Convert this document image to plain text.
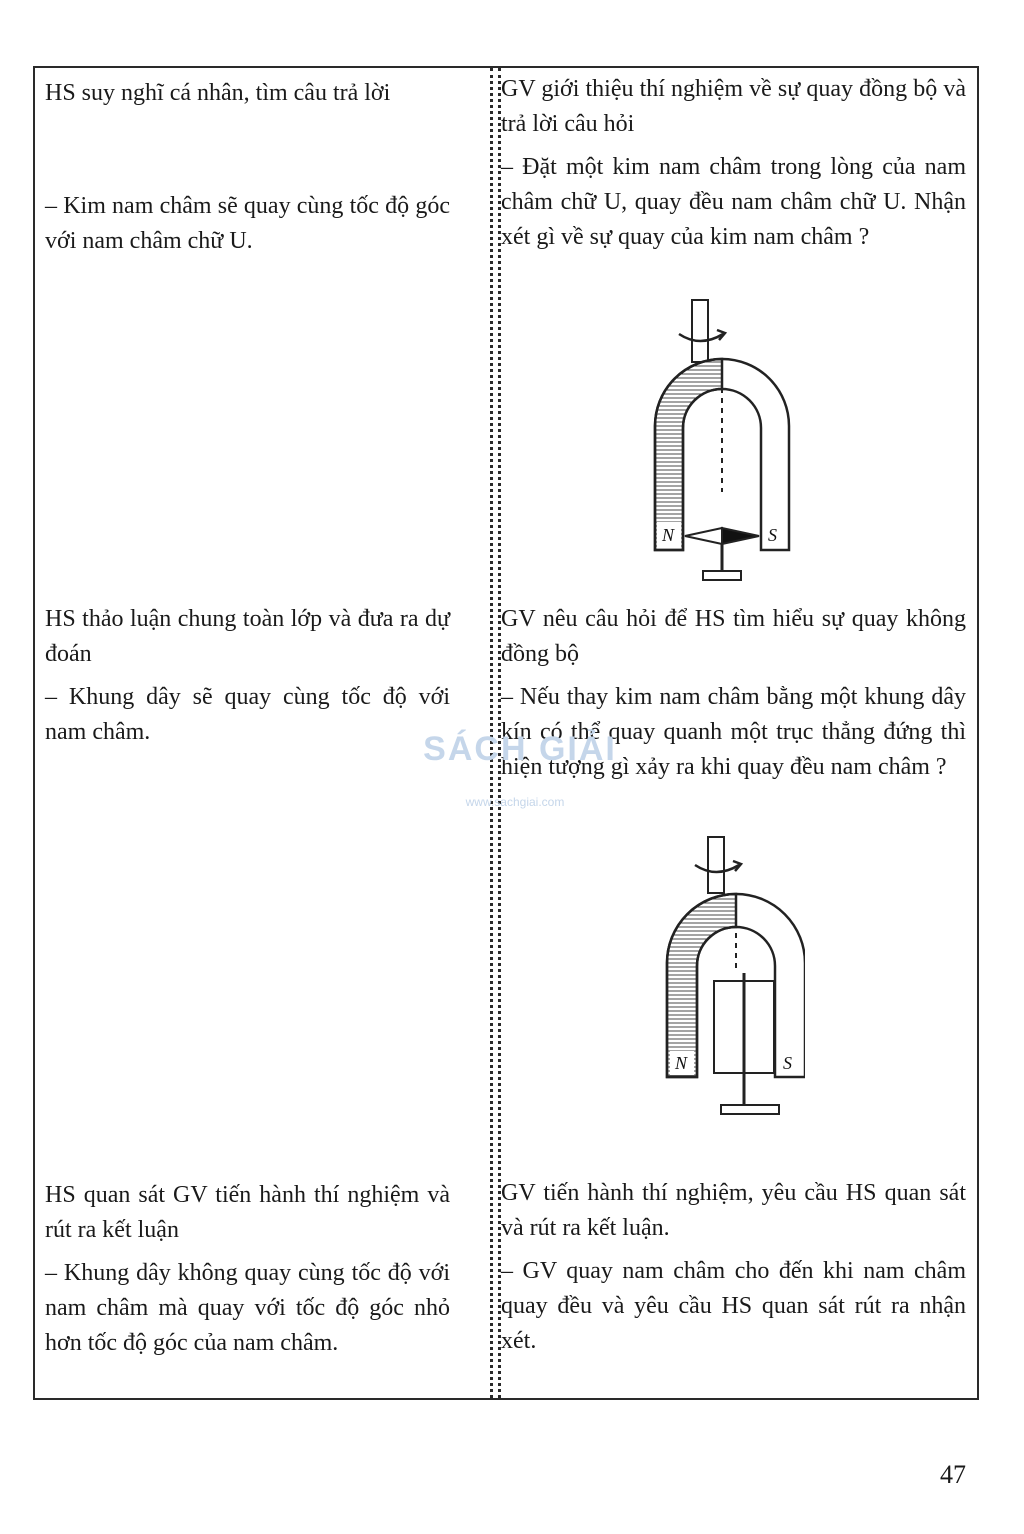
HS suy nghĩ cá nhân, tìm câu trả lời

– Kim nam châm sẽ quay cùng tốc độ góc với nam châm chữ U.

GV giới thiệu thí nghiệm về sự quay đồng bộ và trả lời câu hỏi

– Đặt một kim nam châm trong lòng của nam châm chữ U, quay đều nam châm chữ U. Nhận xét gì về sự quay của kim nam châm ?

N	S

HS thảo luận chung toàn lớp và đưa ra dự đoán

– Khung dây sẽ quay cùng tốc độ với nam châm.

GV nêu câu hỏi để HS tìm hiểu sự quay không đồng bộ

– Nếu thay kim nam châm bằng một khung dây kín có thể quay quanh một trục thẳng đứng thì hiện tượng gì xảy ra khi quay đều nam châm ?

N	S

HS quan sát GV tiến hành thí nghiệm và rút ra kết luận

– Khung dây không quay cùng tốc độ với nam châm mà quay với tốc độ góc nhỏ hơn tốc độ góc của nam châm.

GV tiến hành thí nghiệm, yêu cầu HS quan sát và rút ra kết luận.

– GV quay nam châm cho đến khi nam châm quay đều và yêu cầu HS quan sát rút ra nhận xét.

SÁCH GIẢI
www.sachgiai.com
47
